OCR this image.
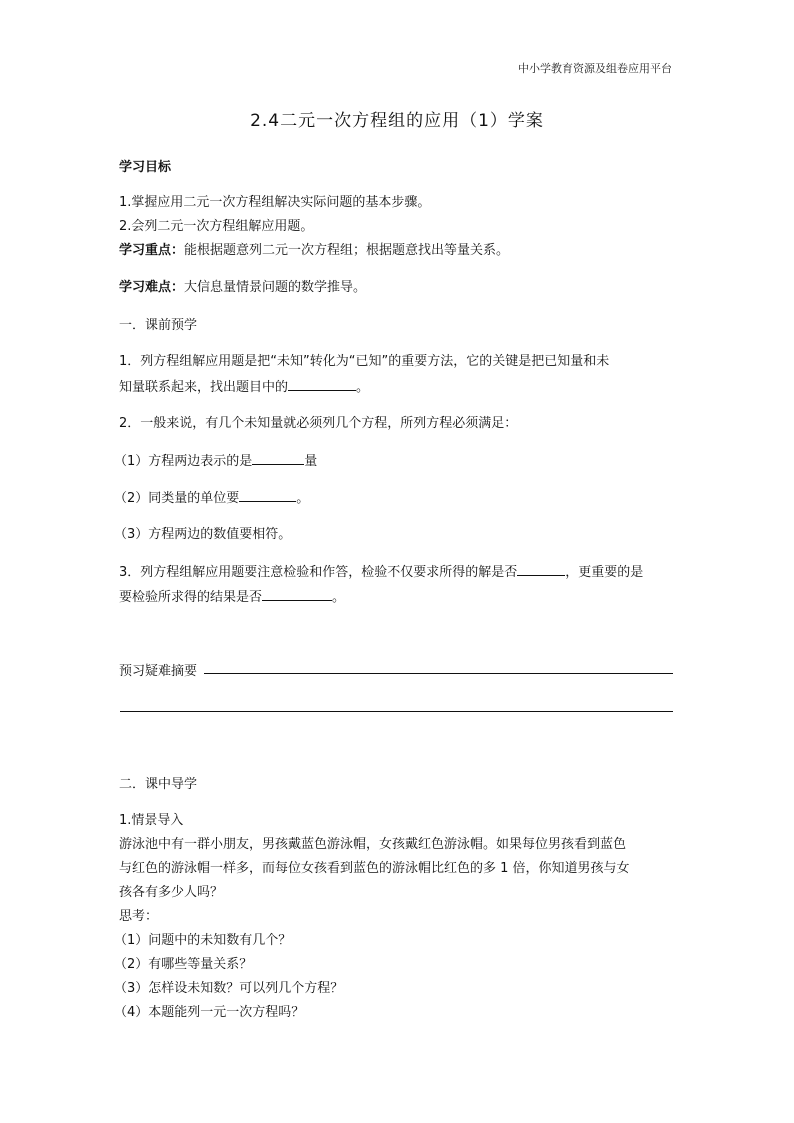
中小学教育资源及组卷应用平台
2.4二元一次方程组的应用（1）学案
学习目标
1.掌握应用二元一次方程组解决实际问题的基本步骤。
2.会列二元一次方程组解应用题。
学习重点：能根据题意列二元一次方程组；根据题意找出等量关系。
学习难点：大信息量情景问题的数学推导。
一．课前预学
1．列方程组解应用题是把“未知”转化为“已知”的重要方法，它的关键是把已知量和未
知量联系起来，找出题目中的	。
2．一般来说，有几个未知量就必须列几个方程，所列方程必须满足：
（1）方程两边表示的是	量
（2）同类量的单位要	。
（3）方程两边的数值要相符。
3．列方程组解应用题要注意检验和作答，检验不仅要求所得的解是否	，更重要的是
要检验所求得的结果是否	。
预习疑难摘要
二．课中导学
1.情景导入
游泳池中有一群小朋友，男孩戴蓝色游泳帽，女孩戴红色游泳帽。如果每位男孩看到蓝色
与红色的游泳帽一样多，而每位女孩看到蓝色的游泳帽比红色的多 1 倍，你知道男孩与女
孩各有多少人吗？
思考：
（1）问题中的未知数有几个？
（2）有哪些等量关系？
（3）怎样设未知数？可以列几个方程？
（4）本题能列一元一次方程吗？
